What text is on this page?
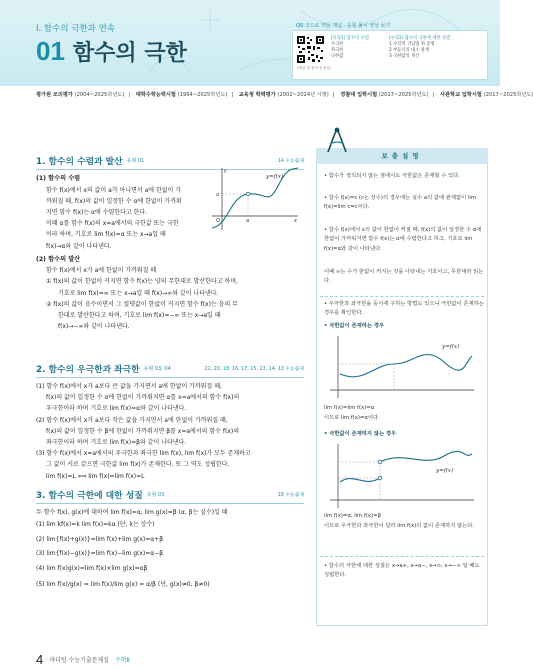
Ⅰ. 함수의 극한과 연속
01 함수의 극한
QR 코드로 핵심 개념 · 유형 풀이 영상 보기
(개념 및 풀이 동영상)
[유형1] 함수의 수렴
우극한
좌극한
극한값
[유형2] 함수의 극한에 대한 성질
1 수학적 귀납법 위 증명
2 부등식의 대소 관계
3 극한값의 계산
평가원 모의평가 (2004~2025학년도) | 대학수학능력시험 (1994~2025학년도) | 교육청 학력평가 (2002~2024년 시행) | 경찰대 입학시험 (2017~2025학년도) | 사관학교 입학시험 (2017~2025학년도)
1. 함수의 수렴과 발산 유형 01	14 수능출제
(1) 함수의 수렴
함수 f(x)에서 x의 값이 a가 아니면서 a에 한없이 가
까워질 때, f(x)의 값이 일정한 수 α에 한없이 가까워
지면 함수 f(x)는 α에 수렴한다고 한다.
이때 α를 함수 f(x)의 x=a에서의 극한값 또는 극한
이라 하며, 기호로 lim f(x)=α 또는 x→a일 때
f(x)→α와 같이 나타낸다.
(2) 함수의 발산
함수 f(x)에서 x가 a에 한없이 가까워질 때
① f(x)의 값이 한없이 커지면 함수 f(x)는 양의 무한대로 발산한다고 하며,
기호로 lim f(x)=∞ 또는 x→a일 때 f(x)→∞와 같이 나타낸다.
② f(x)의 값이 음수이면서 그 절댓값이 한없이 커지면 함수 f(x)는 음의 무
한대로 발산한다고 하며, 기호로 lim f(x)=−∞ 또는 x→a일 때
f(x)→−∞와 같이 나타낸다.
y=f(x)
O	a	x
y
α
2. 함수의 우극한과 좌극한 유형 03, 04	22, 20, 18, 16, 17, 15, 13, 14, 13 수능출제
(1) 함수 f(x)에서 x가 a보다 큰 값을 가지면서 a에 한없이 가까워질 때,
f(x)의 값이 일정한 수 α에 한없이 가까워지면 α를 x=a에서의 함수 f(x)의
우극한이라 하며 기호로 lim f(x)=α와 같이 나타낸다.
(2) 함수 f(x)에서 x가 a보다 작은 값을 가지면서 a에 한없이 가까워질 때,
f(x)의 값이 일정한 수 β에 한없이 가까워지면 β를 x=a에서의 함수 f(x)의
좌극한이라 하며 기호로 lim f(x)=β와 같이 나타낸다.
(3) 함수 f(x)에서 x=a에서의 우극한과 좌극한 lim f(x), lim f(x)가 모두 존재하고
그 값이 서로 같으면 극한값 lim f(x)가 존재한다. 또 그 역도 성립한다.
lim f(x)=L ⟺ lim f(x)=lim f(x)=L
3. 함수의 극한에 대한 성질 유형 03	18 수능출제
두 함수 f(x), g(x)에 대하여 lim f(x)=α, lim g(x)=β (α, β는 실수)일 때
(1) lim kf(x)=k lim f(x)=kα (단, k는 상수)
(2) lim{f(x)+g(x)}=lim f(x)+lim g(x)=α+β
(3) lim{f(x)−g(x)}=lim f(x)−lim g(x)=α−β
(4) lim f(x)g(x)=lim f(x)×lim g(x)=αβ
(5) lim f(x)/g(x) = lim f(x)/lim g(x) = α/β (단, g(x)≠0, β≠0)
보충설명
• 함수가 정의되지 않는 점에서도 극한값은 존재할 수 있다.
• 함수 f(x)=c (c는 상수)의 경우에는 실수 a의 값에 관계없이 lim f(x)=lim c=c이다.
• 함수 f(x)에서 x의 값이 한없이 커질 때, f(x)의 값이 일정한 수 α에 한없이 가까워지면 함수 f(x)는 α에 수렴한다고 하고, 기호로 lim f(x)=α와 같이 나타낸다.
이때 ∞는 수가 한없이 커지는 것을 나타내는 기호이고, 무한대라 읽는다.
• 우극한과 좌극한을 동시에 구하는 방법도 있으니 극한값이 존재하는 경우를 확인한다.
• 극한값이 존재하는 경우
y=f(x)
lim f(x)=lim f(x)=α
이므로 lim f(x)=α이다.
• 극한값이 존재하지 않는 경우
y=f(x)
lim f(x)=α, lim f(x)=β
이므로 우극한과 좌극한이 달라 lim f(x)의 값이 존재하지 않는다.
• 함수의 극한에 대한 성질은 x→a+, x→a−, x→∞, x→−∞ 일 때도 성립한다.
4 마더텅 수능기출문제집 수학Ⅱ
